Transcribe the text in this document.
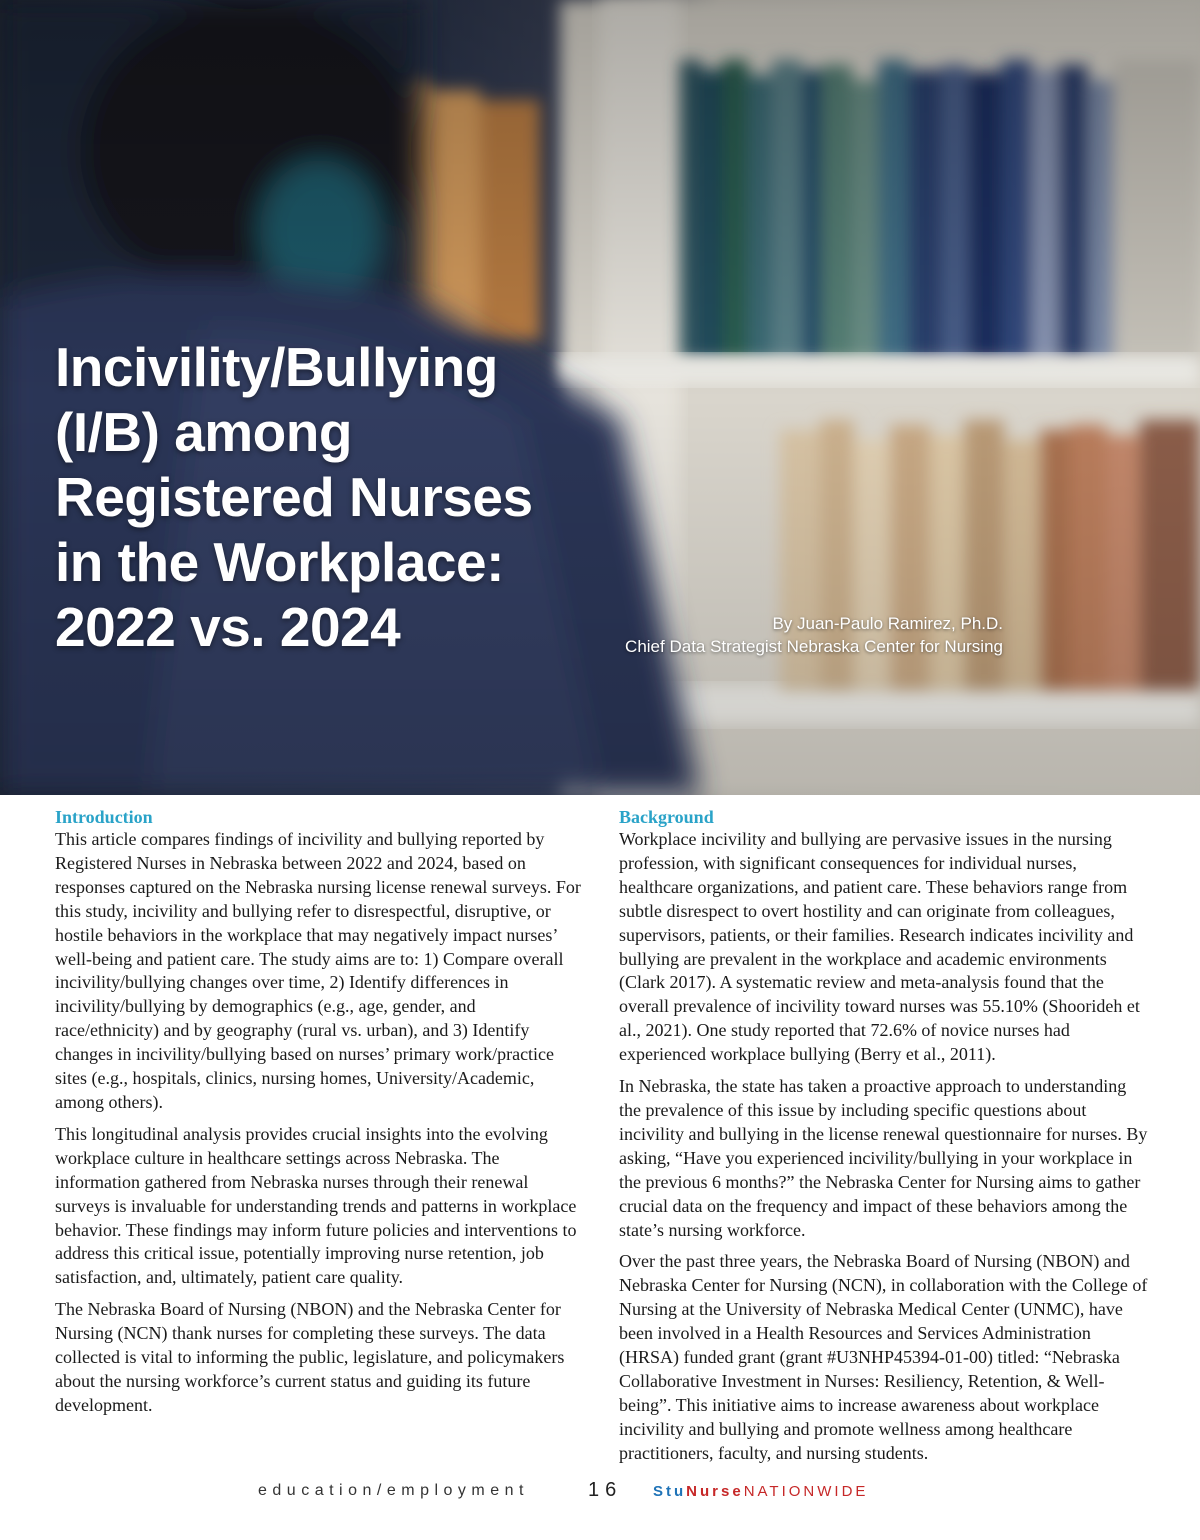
Incivility/Bullying
(I/B) among
Registered Nurses
in the Workplace:
2022 vs. 2024	By Juan-Paulo Ramirez, Ph.D.
Chief Data Strategist Nebraska Center for Nursing
Introduction

This article compares findings of incivility and bullying reported by Registered Nurses in Nebraska between 2022 and 2024, based on responses captured on the Nebraska nursing license renewal surveys. For this study, incivility and bullying refer to disrespectful, disruptive, or hostile behaviors in the workplace that may negatively impact nurses’ well-being and patient care. The study aims are to: 1) Compare overall incivility/bullying changes over time, 2) Identify differences in incivility/bullying by demographics (e.g., age, gender, and race/ethnicity) and by geography (rural vs. urban), and 3) Identify changes in incivility/bullying based on nurses’ primary work/practice sites (e.g., hospitals, clinics, nursing homes, University/Academic, among others).

This longitudinal analysis provides crucial insights into the evolving workplace culture in healthcare settings across Nebraska. The information gathered from Nebraska nurses through their renewal surveys is invaluable for understanding trends and patterns in workplace behavior. These findings may inform future policies and interventions to address this critical issue, potentially improving nurse retention, job satisfaction, and, ultimately, patient care quality.

The Nebraska Board of Nursing (NBON) and the Nebraska Center for Nursing (NCN) thank nurses for completing these surveys. The data collected is vital to informing the public, legislature, and policymakers about the nursing workforce’s current status and guiding its future development.

Background

Workplace incivility and bullying are pervasive issues in the nursing profession, with significant consequences for individual nurses, healthcare organizations, and patient care. These behaviors range from subtle disrespect to overt hostility and can originate from colleagues, supervisors, patients, or their families. Research indicates incivility and bullying are prevalent in the workplace and academic environments (Clark 2017). A systematic review and meta-analysis found that the overall prevalence of incivility toward nurses was 55.10% (Shoorideh et al., 2021). One study reported that 72.6% of novice nurses had experienced workplace bullying (Berry et al., 2011).

In Nebraska, the state has taken a proactive approach to understanding the prevalence of this issue by including specific questions about incivility and bullying in the license renewal questionnaire for nurses. By asking, “Have you experienced incivility/bullying in your workplace in the previous 6 months?” the Nebraska Center for Nursing aims to gather crucial data on the frequency and impact of these behaviors among the state’s nursing workforce.

Over the past three years, the Nebraska Board of Nursing (NBON) and Nebraska Center for Nursing (NCN), in collaboration with the College of Nursing at the University of Nebraska Medical Center (UNMC), have been involved in a Health Resources and Services Administration (HRSA) funded grant (grant #U3NHP45394-01-00) titled: “Nebraska Collaborative Investment in Nurses: Resiliency, Retention, & Well-being”. This initiative aims to increase awareness about workplace incivility and bullying and promote wellness among healthcare practitioners, faculty, and nursing students.

education/employment	16 StuNurseNATIONWIDE
